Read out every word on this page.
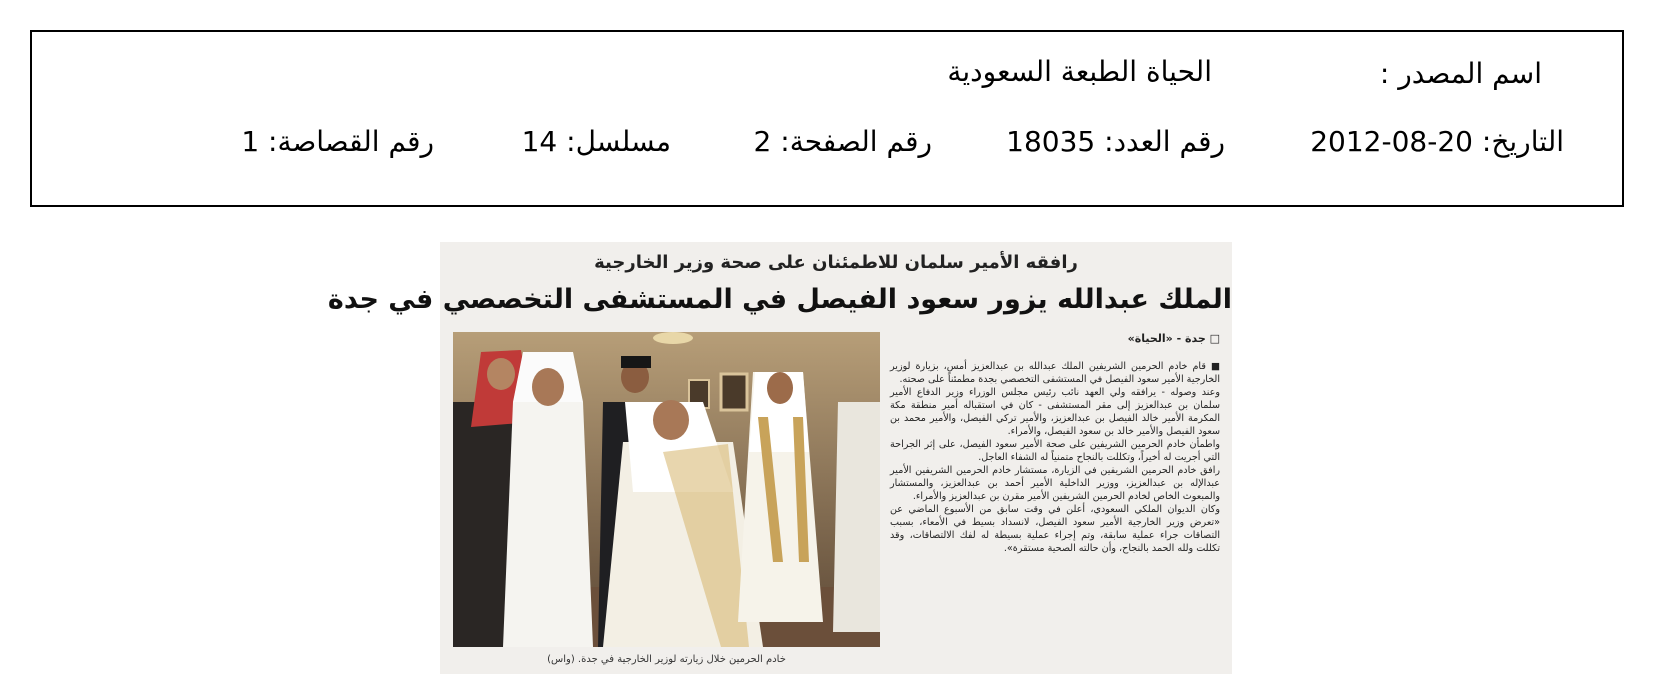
اسم المصدر :
الحياة الطبعة السعودية
التاريخ: 20-08-2012
رقم العدد: 18035
رقم الصفحة: 2
مسلسل: 14
رقم القصاصة: 1
رافقه الأمير سلمان للاطمئنان على صحة وزير الخارجية
الملك عبدالله يزور سعود الفيصل في المستشفى التخصصي في جدة
خادم الحرمين خلال زيارته لوزير الخارجية في جدة. (واس)
□ جدة - «الحياة»

■ قام خادم الحرمين الشريفين الملك عبدالله بن عبدالعزيز أمس، بزيارة لوزير الخارجية الأمير سعود الفيصل في المستشفى التخصصي بجدة مطمئناً على صحته.

وعند وصوله - يرافقه ولي العهد نائب رئيس مجلس الوزراء وزير الدفاع الأمير سلمان بن عبدالعزيز إلى مقر المستشفى - كان في استقباله أمير منطقة مكة المكرمة الأمير خالد الفيصل بن عبدالعزيز، والأمير تركي الفيصل، والأمير محمد بن سعود الفيصل والأمير خالد بن سعود الفيصل، والأمراء.

واطمأن خادم الحرمين الشريفين على صحة الأمير سعود الفيصل، على إثر الجراحة التي أجريت له أخيراً، وتكللت بالنجاح متمنياً له الشفاء العاجل.

رافق خادم الحرمين الشريفين في الزيارة، مستشار خادم الحرمين الشريفين الأمير عبدالإله بن عبدالعزيز، ووزير الداخلية الأمير أحمد بن عبدالعزيز، والمستشار والمبعوث الخاص لخادم الحرمين الشريفين الأمير مقرن بن عبدالعزيز والأمراء.

وكان الديوان الملكي السعودي، أعلن في وقت سابق من الأسبوع الماضي عن «تعرض وزير الخارجية الأمير سعود الفيصل، لانسداد بسيط في الأمعاء، بسبب التصاقات جراء عملية سابقة، وتم إجراء عملية بسيطة له لفك الالتصاقات، وقد تكللت ولله الحمد بالنجاح، وأن حالته الصحية مستقرة».
